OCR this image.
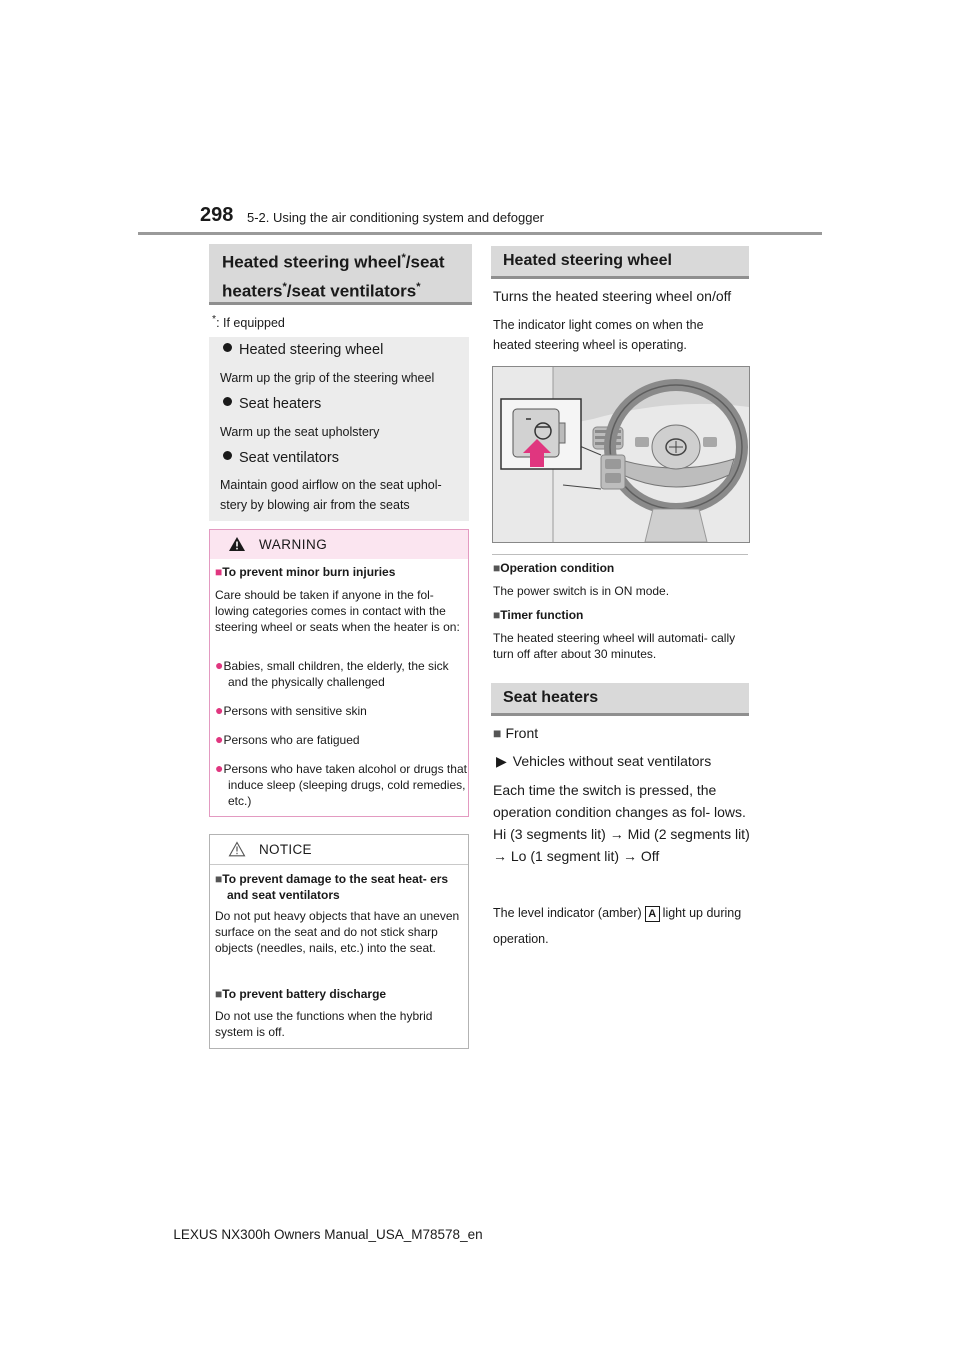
298 5-2. Using the air conditioning system and defogger
Heated steering wheel*/seat heaters*/seat ventilators*
*: If equipped
Heated steering wheel
Warm up the grip of the steering wheel
Seat heaters
Warm up the seat upholstery
Seat ventilators
Maintain good airflow on the seat uphol- stery by blowing air from the seats
WARNING
■To prevent minor burn injuries
Care should be taken if anyone in the fol- lowing categories comes in contact with the steering wheel or seats when the heater is on:
●Babies, small children, the elderly, the sick and the physically challenged
●Persons with sensitive skin
●Persons who are fatigued
●Persons who have taken alcohol or drugs that induce sleep (sleeping drugs, cold remedies, etc.)
NOTICE
■To prevent damage to the seat heat- ers and seat ventilators
Do not put heavy objects that have an uneven surface on the seat and do not stick sharp objects (needles, nails, etc.) into the seat.
■To prevent battery discharge
Do not use the functions when the hybrid system is off.
Heated steering wheel
Turns the heated steering wheel on/off
The indicator light comes on when the heated steering wheel is operating.
■Operation condition
The power switch is in ON mode.
■Timer function
The heated steering wheel will automati- cally turn off after about 30 minutes.
Seat heaters
■ Front
▶ Vehicles without seat ventilators
Each time the switch is pressed, the operation condition changes as fol- lows.
Hi (3 segments lit) → Mid (2 segments lit) → Lo (1 segment lit) → Off
The level indicator (amber) A light up during operation.
LEXUS NX300h Owners Manual_USA_M78578_en
